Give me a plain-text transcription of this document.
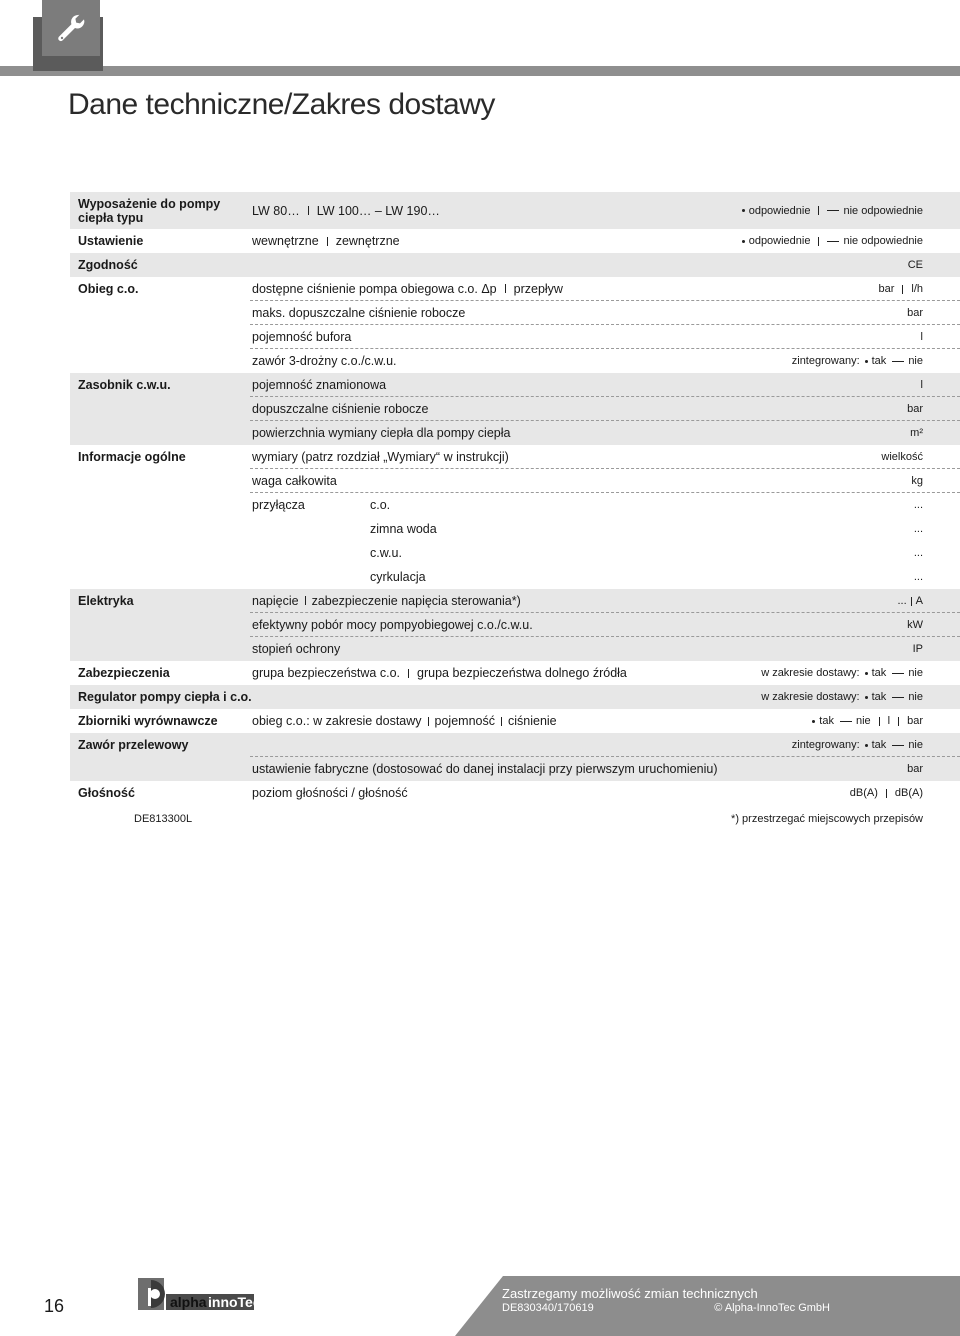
Dane techniczne/Zakres dostawy
Wyposażenie do pompy ciepła typu
LW 80… LW 100… – LW 190…	odpowiednie	nie odpowiednie
Ustawienie	wewnętrzne zewnętrzne	odpowiednie	nie odpowiednie
Zgodność	CE
Obieg c.o.	dostępne ciśnienie pompa obiegowa c.o. Δp przepływ	bar l/h
maks. dopuszczalne ciśnienie robocze	bar
pojemność bufora	l
zawór 3-drożny c.o./c.w.u.	zintegrowany: tak nie
Zasobnik c.w.u.	pojemność znamionowa	l
dopuszczalne ciśnienie robocze	bar
powierzchnia wymiany ciepła dla pompy ciepła	m²
Informacje ogólne	wymiary (patrz rozdział „Wymiary“ w instrukcji)	wielkość
waga całkowita	kg
przyłącza	c.o.	...
zimna woda	...
c.w.u.	...
cyrkulacja	...
Elektryka	napięcie zabezpieczenie napięcia sterowania*)	... A
efektywny pobór mocy pompyobiegowej c.o./c.w.u.	kW
stopień ochrony	IP
Zabezpieczenia	grupa bezpieczeństwa c.o. grupa bezpieczeństwa dolnego źródła	w zakresie dostawy: tak nie
Regulator pompy ciepła i c.o.	w zakresie dostawy: tak nie
Zbiorniki wyrównawcze	obieg c.o.: w zakresie dostawy pojemność ciśnienie	tak nie l bar
Zawór przelewowy	zintegrowany: tak nie
ustawienie fabryczne (dostosować do danej instalacji przy pierwszym uruchomieniu)	bar
Głośność	poziom głośności / głośność	dB(A) dB(A)
DE813300L	*) przestrzegać miejscowych przepisów
16	alpha innoTec
Zastrzegamy możliwość zmian technicznych
DE830340/170619	© Alpha-InnoTec GmbH
